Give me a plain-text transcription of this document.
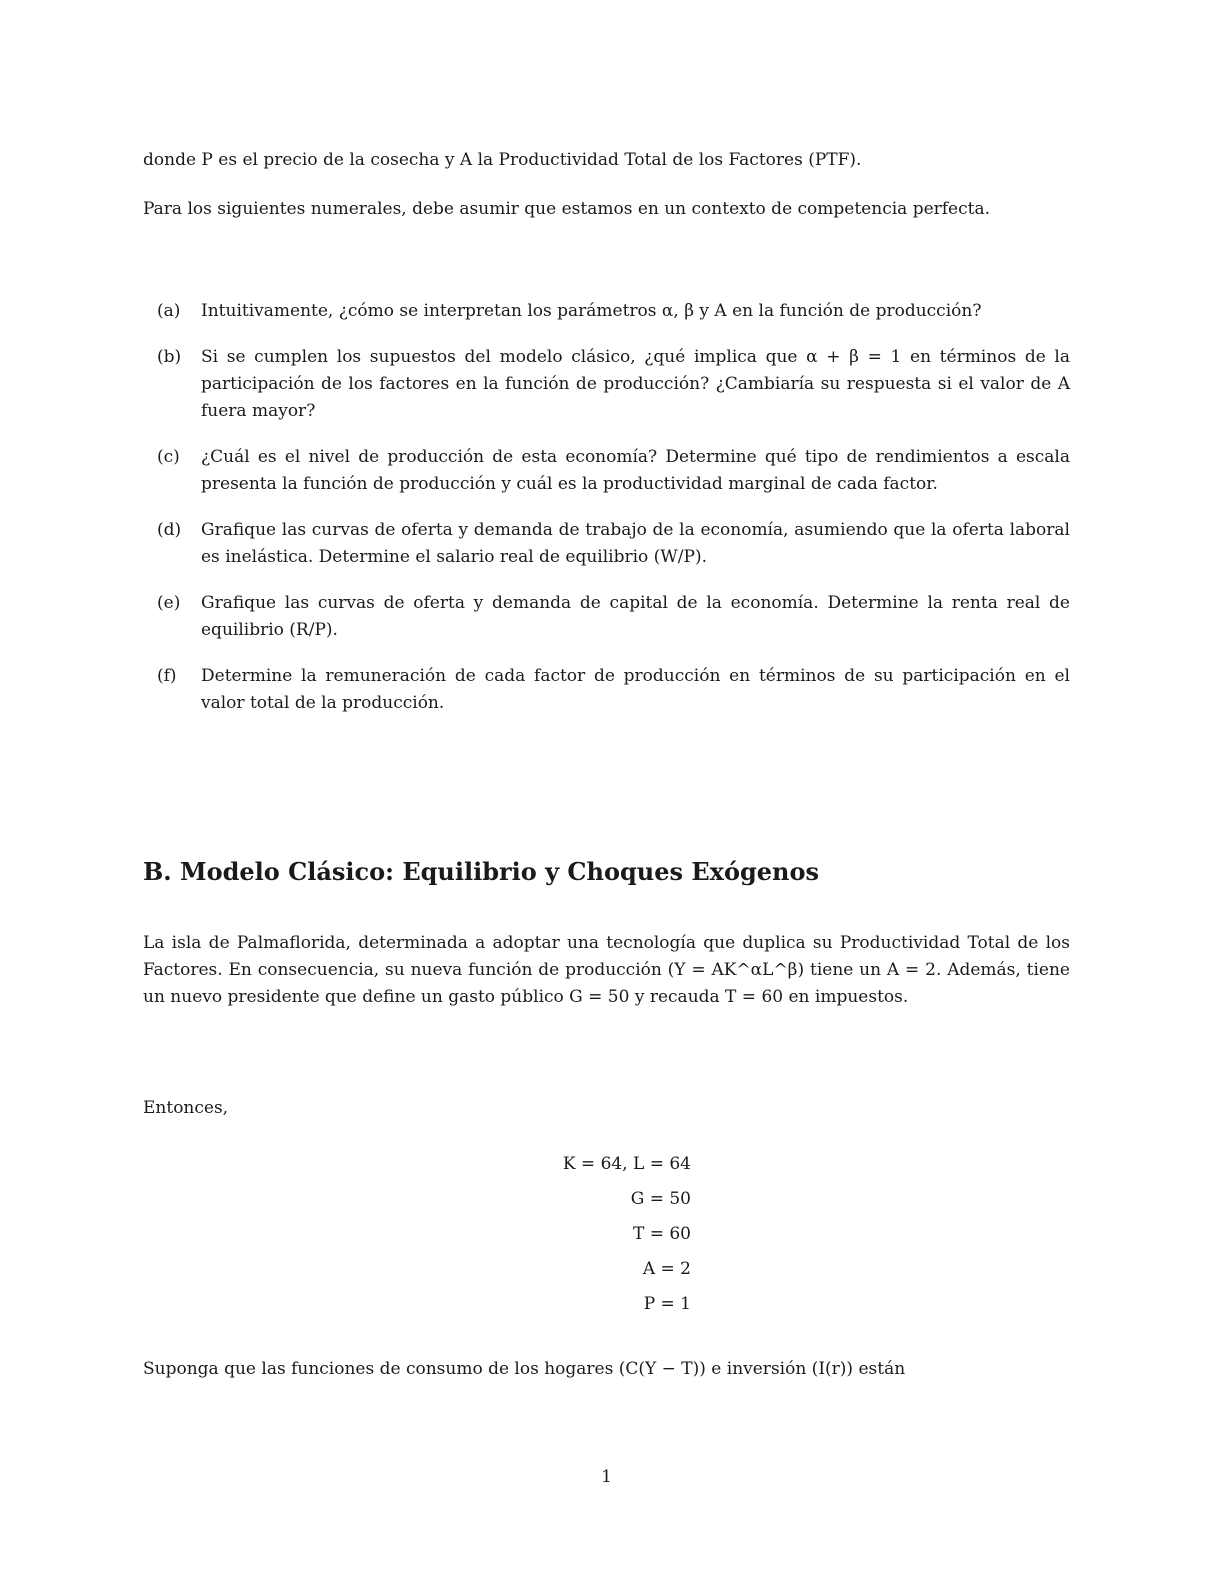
donde P es el precio de la cosecha y A la Productividad Total de los Factores (PTF).

Para los siguientes numerales, debe asumir que estamos en un contexto de competencia perfecta.

(a) Intuitivamente, ¿cómo se interpretan los parámetros α, β y A en la función de producción?

(b) Si se cumplen los supuestos del modelo clásico, ¿qué implica que α + β = 1 en términos de la participación de los factores en la función de producción? ¿Cambiaría su respuesta si el valor de A fuera mayor?

(c) ¿Cuál es el nivel de producción de esta economía? Determine qué tipo de rendimientos a escala presenta la función de producción y cuál es la productividad marginal de cada factor.

(d) Grafique las curvas de oferta y demanda de trabajo de la economía, asumiendo que la oferta laboral es inelástica. Determine el salario real de equilibrio (W/P).

(e) Grafique las curvas de oferta y demanda de capital de la economía. Determine la renta real de equilibrio (R/P).

(f) Determine la remuneración de cada factor de producción en términos de su participación en el valor total de la producción.

B. Modelo Clásico: Equilibrio y Choques Exógenos

La isla de Palmaflorida, determinada a adoptar una tecnología que duplica su Productividad Total de los Factores. En consecuencia, su nueva función de producción (Y = AK^αL^β) tiene un A = 2. Además, tiene un nuevo presidente que define un gasto público G = 50 y recauda T = 60 en impuestos.

Entonces,

K = 64, L = 64
G = 50
T = 60
A = 2
P = 1

Suponga que las funciones de consumo de los hogares (C(Y − T)) e inversión (I(r)) están

1
